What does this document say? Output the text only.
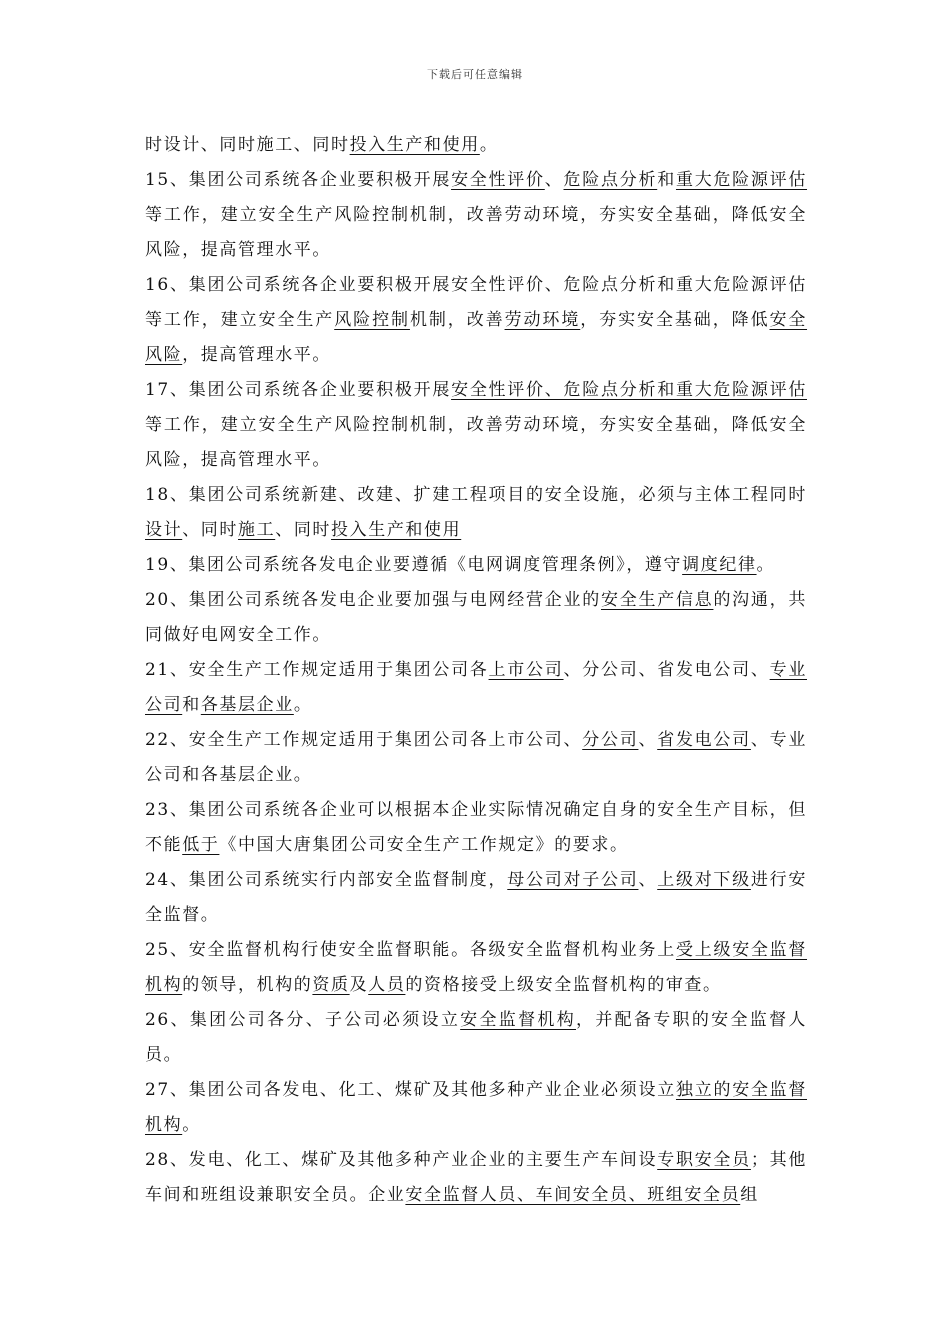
下载后可任意编辑

时设计、同时施工、同时投入生产和使用。

15、集团公司系统各企业要积极开展安全性评价、危险点分析和重大危险源评估等工作，建立安全生产风险控制机制，改善劳动环境，夯实安全基础，降低安全风险，提高管理水平。

16、集团公司系统各企业要积极开展安全性评价、危险点分析和重大危险源评估等工作，建立安全生产风险控制机制，改善劳动环境，夯实安全基础，降低安全风险，提高管理水平。

17、集团公司系统各企业要积极开展安全性评价、危险点分析和重大危险源评估等工作，建立安全生产风险控制机制，改善劳动环境，夯实安全基础，降低安全风险，提高管理水平。

18、集团公司系统新建、改建、扩建工程项目的安全设施，必须与主体工程同时设计、同时施工、同时投入生产和使用

19、集团公司系统各发电企业要遵循《电网调度管理条例》，遵守调度纪律。

20、集团公司系统各发电企业要加强与电网经营企业的安全生产信息的沟通，共同做好电网安全工作。

21、安全生产工作规定适用于集团公司各上市公司、分公司、省发电公司、专业公司和各基层企业。

22、安全生产工作规定适用于集团公司各上市公司、分公司、省发电公司、专业公司和各基层企业。

23、集团公司系统各企业可以根据本企业实际情况确定自身的安全生产目标，但不能低于《中国大唐集团公司安全生产工作规定》的要求。

24、集团公司系统实行内部安全监督制度，母公司对子公司、上级对下级进行安全监督。

25、安全监督机构行使安全监督职能。各级安全监督机构业务上受上级安全监督机构的领导，机构的资质及人员的资格接受上级安全监督机构的审查。

26、集团公司各分、子公司必须设立安全监督机构，并配备专职的安全监督人员。

27、集团公司各发电、化工、煤矿及其他多种产业企业必须设立独立的安全监督机构。

28、发电、化工、煤矿及其他多种产业企业的主要生产车间设专职安全员；其他车间和班组设兼职安全员。企业安全监督人员、车间安全员、班组安全员组
